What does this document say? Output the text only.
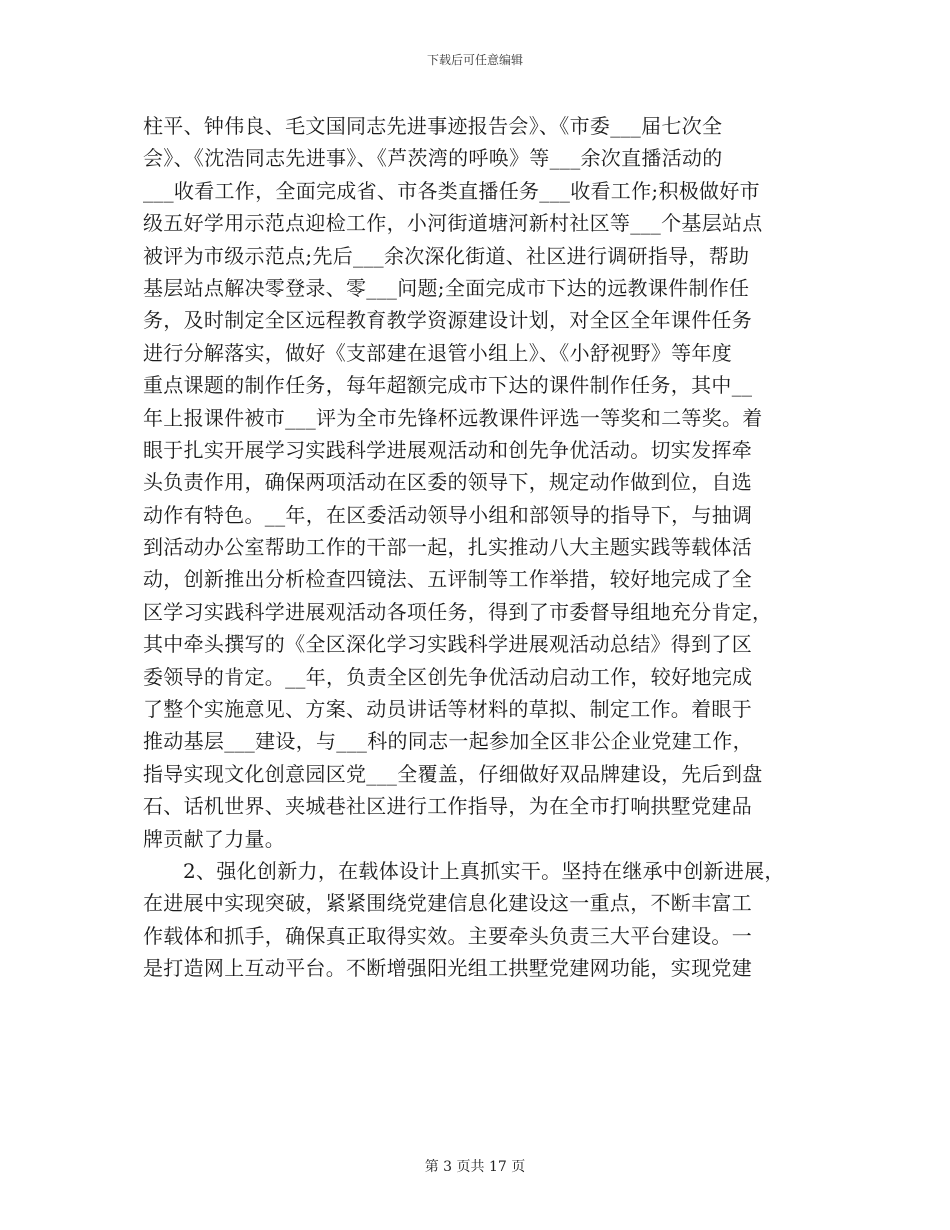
下载后可任意编辑
柱平、钟伟良、毛文国同志先进事迹报告会》、《市委___届七次全
会》、《沈浩同志先进事》、《芦茨湾的呼唤》等___余次直播活动的
___收看工作，全面完成省、市各类直播任务___收看工作;积极做好市
级五好学用示范点迎检工作，小河街道塘河新村社区等___个基层站点
被评为市级示范点;先后___余次深化街道、社区进行调研指导，帮助
基层站点解决零登录、零___问题;全面完成市下达的远教课件制作任
务，及时制定全区远程教育教学资源建设计划，对全区全年课件任务
进行分解落实，做好《支部建在退管小组上》、《小舒视野》等年度
重点课题的制作任务，每年超额完成市下达的课件制作任务，其中__
年上报课件被市___评为全市先锋杯远教课件评选一等奖和二等奖。着
眼于扎实开展学习实践科学进展观活动和创先争优活动。切实发挥牵
头负责作用，确保两项活动在区委的领导下，规定动作做到位，自选
动作有特色。__年，在区委活动领导小组和部领导的指导下，与抽调
到活动办公室帮助工作的干部一起，扎实推动八大主题实践等载体活
动，创新推出分析检查四镜法、五评制等工作举措，较好地完成了全
区学习实践科学进展观活动各项任务，得到了市委督导组地充分肯定，
其中牵头撰写的《全区深化学习实践科学进展观活动总结》得到了区
委领导的肯定。__年，负责全区创先争优活动启动工作，较好地完成
了整个实施意见、方案、动员讲话等材料的草拟、制定工作。着眼于
推动基层___建设，与___科的同志一起参加全区非公企业党建工作，
指导实现文化创意园区党___全覆盖，仔细做好双品牌建设，先后到盘
石、话机世界、夹城巷社区进行工作指导，为在全市打响拱墅党建品
牌贡献了力量。
2、强化创新力，在载体设计上真抓实干。坚持在继承中创新进展，
在进展中实现突破，紧紧围绕党建信息化建设这一重点，不断丰富工
作载体和抓手，确保真正取得实效。主要牵头负责三大平台建设。一
是打造网上互动平台。不断增强阳光组工拱墅党建网功能，实现党建
第 3 页共 17 页
